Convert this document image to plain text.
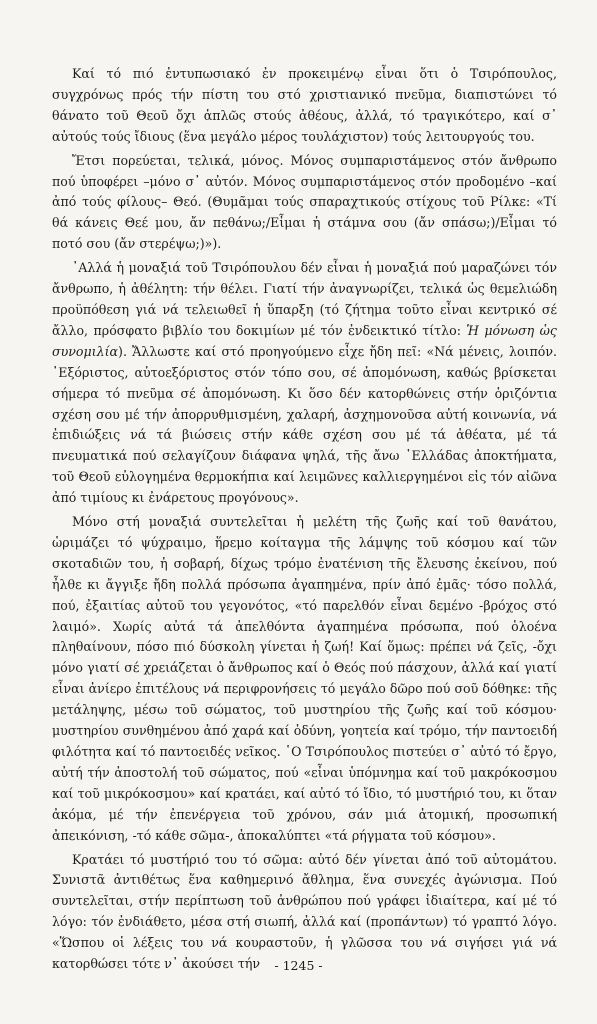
Καί τό πιό ἐντυπωσιακό ἐν προκειμένῳ εἶναι ὅτι ὁ Τσιρόπουλος, συγχρόνως πρός τήν πίστη του στό χριστιανικό πνεῦμα, διαπιστώνει τό θάνατο τοῦ Θεοῦ ὄχι ἁπλῶς στούς ἀθέους, ἀλλά, τό τραγικότερο, καί σ᾽ αὐτούς τούς ἴδιους (ἕνα μεγάλο μέρος τουλάχιστον) τούς λειτουργούς του.

Ἔτσι πορεύεται, τελικά, μόνος. Μόνος συμπαριστάμενος στόν ἄνθρωπο πού ὑποφέρει –μόνο σ᾽ αὐτόν. Μόνος συμπαριστάμενος στόν προδομένο –καί ἀπό τούς φίλους– Θεό. (Θυμᾶμαι τούς σπαραχτικούς στίχους τοῦ Ρίλκε: «Τί θά κάνεις Θεέ μου, ἄν πεθάνω;/Εἶμαι ἡ στάμνα σου (ἄν σπάσω;)/Εἶμαι τό ποτό σου (ἄν στερέψω;)»).

᾿Αλλά ἡ μοναξιά τοῦ Τσιρόπουλου δέν εἶναι ἡ μοναξιά πού μαραζώνει τόν ἄνθρωπο, ἡ ἀθέλητη: τήν θέλει. Γιατί τήν ἀναγνωρίζει, τελικά ὡς θεμελιώδη προϋπόθεση γιά νά τελειωθεῖ ἡ ὕπαρξη (τό ζήτημα τοῦτο εἶναι κεντρικό σέ ἄλλο, πρόσφατο βιβλίο του δοκιμίων μέ τόν ἐνδεικτικό τίτλο: Ἡ μόνωση ὡς συνομιλία). Ἄλλωστε καί στό προηγούμενο εἶχε ἤδη πεῖ: «Νά μένεις, λοιπόν. ᾿Εξόριστος, αὐτοεξόριστος στόν τόπο σου, σέ ἀπομόνωση, καθώς βρίσκεται σήμερα τό πνεῦμα σέ ἀπομόνωση. Κι ὅσο δέν κατορθώνεις στήν ὁριζόντια σχέση σου μέ τήν ἀπορρυθμισμένη, χαλαρή, ἀσχημονοῦσα αὐτή κοινωνία, νά ἐπιδιώξεις νά τά βιώσεις στήν κάθε σχέση σου μέ τά ἀθέατα, μέ τά πνευματικά πού σελαγίζουν διάφανα ψηλά, τῆς ἄνω ῾Ελλάδας ἀποκτήματα, τοῦ Θεοῦ εὐλογημένα θερμοκήπια καί λειμῶνες καλλιεργημένοι εἰς τόν αἰῶνα ἀπό τιμίους κι ἐνάρετους προγόνους».

Μόνο στή μοναξιά συντελεῖται ἡ μελέτη τῆς ζωῆς καί τοῦ θανάτου, ὡριμάζει τό ψύχραιμο, ἥρεμο κοίταγμα τῆς λάμψης τοῦ κόσμου καί τῶν σκοταδιῶν του, ἡ σοβαρή, δίχως τρόμο ἐνατένιση τῆς ἔλευσης ἐκείνου, πού ἦλθε κι ἄγγιξε ἤδη πολλά πρόσωπα ἀγαπημένα, πρίν ἀπό ἐμᾶς· τόσο πολλά, πού, ἐξαιτίας αὐτοῦ του γεγονότος, «τό παρελθόν εἶναι δεμένο -βρόχος στό λαιμό». Χωρίς αὐτά τά ἀπελθόντα ἀγαπημένα πρόσωπα, πού ὁλοένα πληθαίνουν, πόσο πιό δύσκολη γίνεται ἡ ζωή! Καί ὅμως: πρέπει νά ζεῖς, -ὄχι μόνο γιατί σέ χρειάζεται ὁ ἄνθρωπος καί ὁ Θεός πού πάσχουν, ἀλλά καί γιατί εἶναι ἀνίερο ἐπιτέλους νά περιφρονήσεις τό μεγάλο δῶρο πού σοῦ δόθηκε: τῆς μετάληψης, μέσω τοῦ σώματος, τοῦ μυστηρίου τῆς ζωῆς καί τοῦ κόσμου· μυστηρίου συνθημένου ἀπό χαρά καί ὀδύνη, γοητεία καί τρόμο, τήν παντοειδή φιλότητα καί τό παντοειδές νεῖκος. ῾Ο Τσιρόπουλος πιστεύει σ᾽ αὐτό τό ἔργο, αὐτή τήν ἀποστολή τοῦ σώματος, πού «εἶναι ὑπόμνημα καί τοῦ μακρόκοσμου καί τοῦ μικρόκοσμου» καί κρατάει, καί αὐτό τό ἴδιο, τό μυστήριό του, κι ὅταν ἀκόμα, μέ τήν ἐπενέργεια τοῦ χρόνου, σάν μιά ἀτομική, προσωπική ἀπεικόνιση, -τό κάθε σῶμα-, ἀποκαλύπτει «τά ρήγματα τοῦ κόσμου».

Κρατάει τό μυστήριό του τό σῶμα: αὐτό δέν γίνεται ἀπό τοῦ αὐτομάτου. Συνιστᾶ ἀντιθέτως ἕνα καθημερινό ἄθλημα, ἕνα συνεχές ἀγώνισμα. Πού συντελεῖται, στήν περίπτωση τοῦ ἀνθρώπου πού γράφει ἰδιαίτερα, καί μέ τό λόγο: τόν ἐνδιάθετο, μέσα στή σιωπή, ἀλλά καί (προπάντων) τό γραπτό λόγο. «Ὥσπου οἱ λέξεις του νά κουραστοῦν, ἡ γλῶσσα του νά σιγήσει γιά νά κατορθώσει τότε ν᾽ ἀκούσει τήν	- 1245 -
